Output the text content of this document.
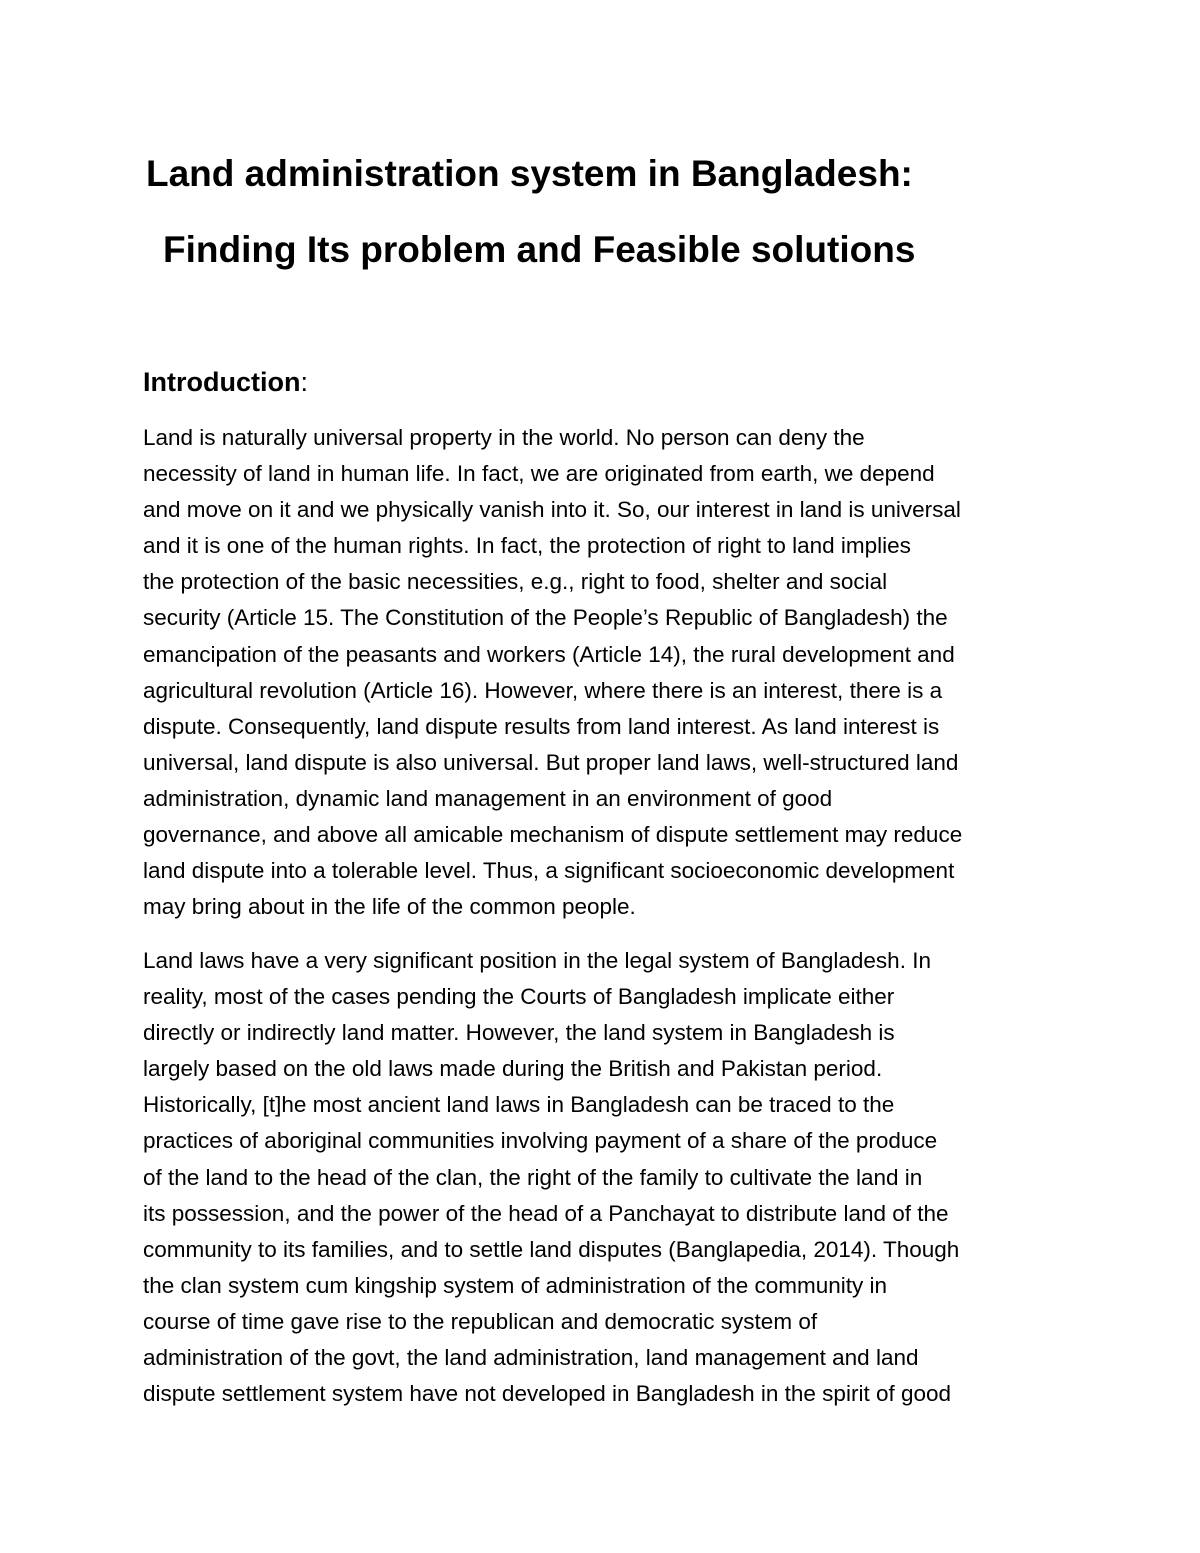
Land administration system in Bangladesh:
Finding Its problem and Feasible solutions
Introduction:
Land is naturally universal property in the world. No person can deny the
necessity of land in human life. In fact, we are originated from earth, we depend
and move on it and we physically vanish into it. So, our interest in land is universal
and it is one of the human rights. In fact, the protection of right to land implies
the protection of the basic necessities, e.g., right to food, shelter and social
security (Article 15. The Constitution of the People’s Republic of Bangladesh) the
emancipation of the peasants and workers (Article 14), the rural development and
agricultural revolution (Article 16). However, where there is an interest, there is a
dispute. Consequently, land dispute results from land interest. As land interest is
universal, land dispute is also universal. But proper land laws, well-structured land
administration, dynamic land management in an environment of good
governance, and above all amicable mechanism of dispute settlement may reduce
land dispute into a tolerable level. Thus, a significant socioeconomic development
may bring about in the life of the common people.
Land laws have a very significant position in the legal system of Bangladesh. In
reality, most of the cases pending the Courts of Bangladesh implicate either
directly or indirectly land matter. However, the land system in Bangladesh is
largely based on the old laws made during the British and Pakistan period.
Historically, [t]he most ancient land laws in Bangladesh can be traced to the
practices of aboriginal communities involving payment of a share of the produce
of the land to the head of the clan, the right of the family to cultivate the land in
its possession, and the power of the head of a Panchayat to distribute land of the
community to its families, and to settle land disputes (Banglapedia, 2014). Though
the clan system cum kingship system of administration of the community in
course of time gave rise to the republican and democratic system of
administration of the govt, the land administration, land management and land
dispute settlement system have not developed in Bangladesh in the spirit of good
